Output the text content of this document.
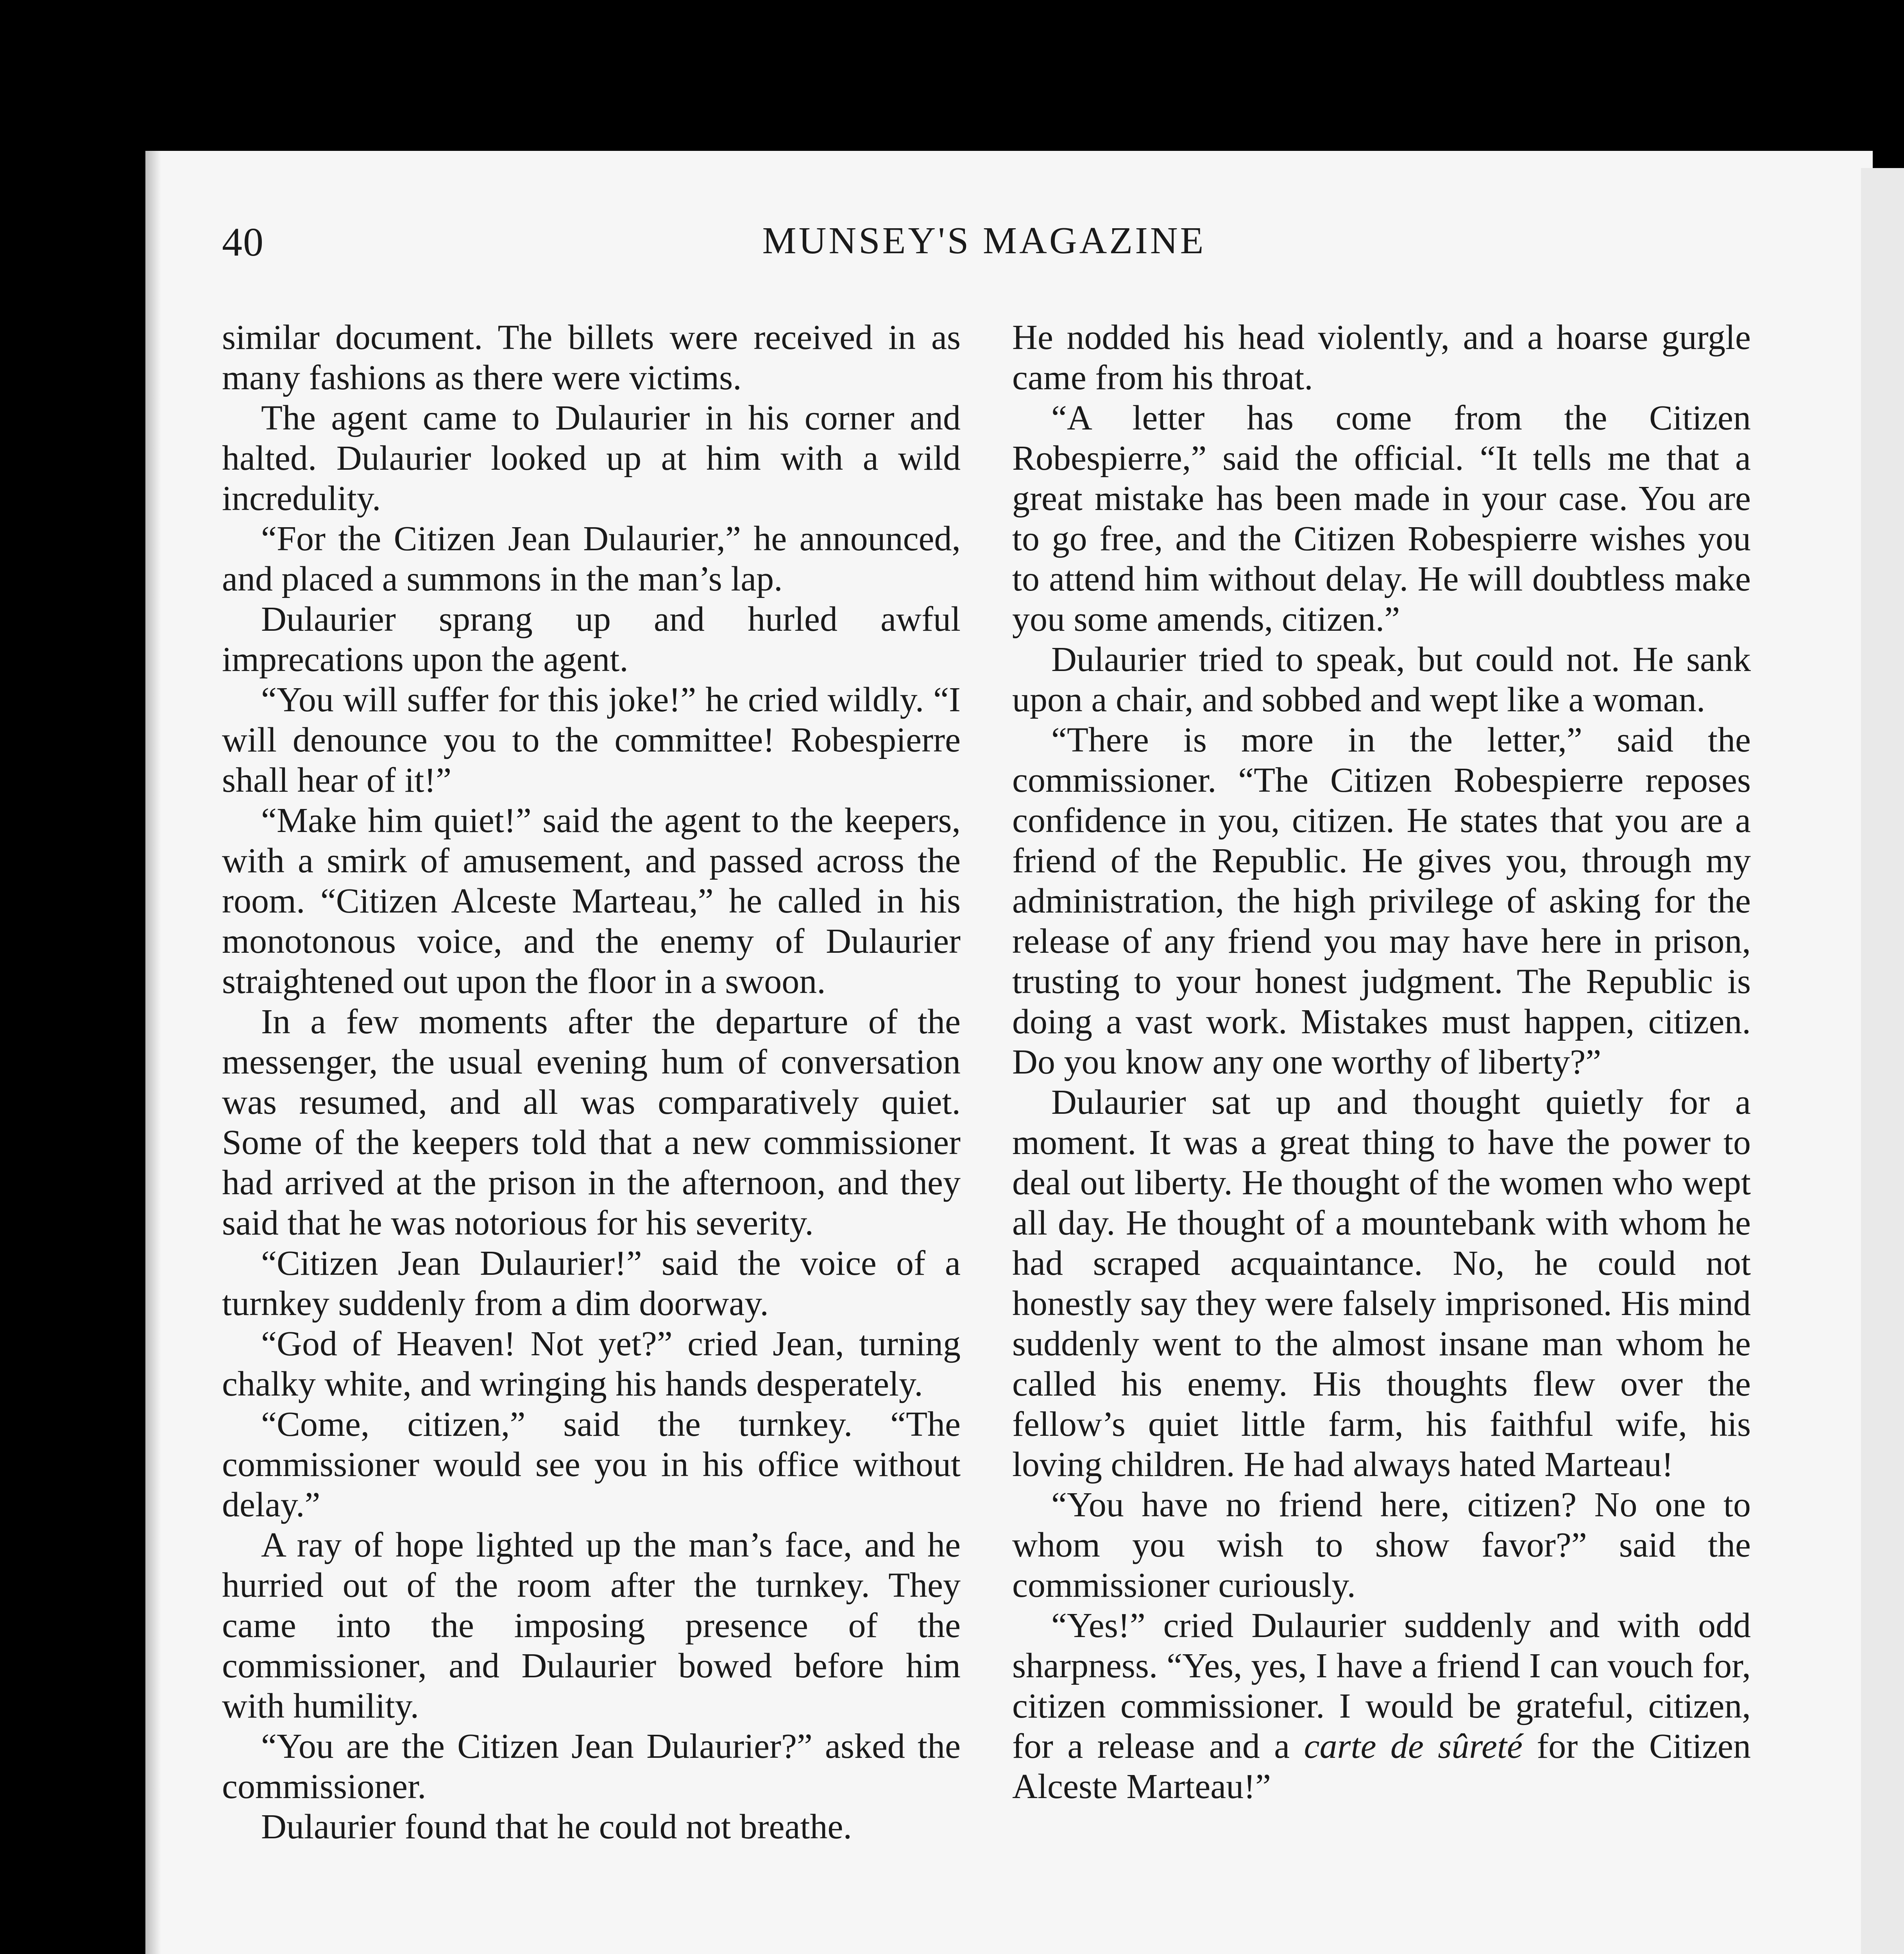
MUNSEY'S MAGAZINE
40

similar document. The billets were received in as many fashions as there were victims.

The agent came to Dulaurier in his corner and halted. Dulaurier looked up at him with a wild incredulity.

“For the Citizen Jean Dulaurier,” he announced, and placed a summons in the man’s lap.

Dulaurier sprang up and hurled awful imprecations upon the agent.

“You will suffer for this joke!” he cried wildly. “I will denounce you to the committee! Robespierre shall hear of it!”

“Make him quiet!” said the agent to the keepers, with a smirk of amusement, and passed across the room. “Citizen Alceste Marteau,” he called in his monotonous voice, and the enemy of Dulaurier straightened out upon the floor in a swoon.

In a few moments after the departure of the messenger, the usual evening hum of conversation was resumed, and all was comparatively quiet. Some of the keepers told that a new commissioner had arrived at the prison in the afternoon, and they said that he was notorious for his severity.

“Citizen Jean Dulaurier!” said the voice of a turnkey suddenly from a dim doorway.

“God of Heaven! Not yet?” cried Jean, turning chalky white, and wringing his hands desperately.

“Come, citizen,” said the turnkey. “The commissioner would see you in his office without delay.”

A ray of hope lighted up the man’s face, and he hurried out of the room after the turnkey. They came into the imposing presence of the commissioner, and Dulaurier bowed before him with humility.

“You are the Citizen Jean Dulaurier?” asked the commissioner.

Dulaurier found that he could not breathe.

He nodded his head violently, and a hoarse gurgle came from his throat.

“A letter has come from the Citizen Robespierre,” said the official. “It tells me that a great mistake has been made in your case. You are to go free, and the Citizen Robespierre wishes you to attend him without delay. He will doubtless make you some amends, citizen.”

Dulaurier tried to speak, but could not. He sank upon a chair, and sobbed and wept like a woman.

“There is more in the letter,” said the commissioner. “The Citizen Robespierre reposes confidence in you, citizen. He states that you are a friend of the Republic. He gives you, through my administration, the high privilege of asking for the release of any friend you may have here in prison, trusting to your honest judgment. The Republic is doing a vast work. Mistakes must happen, citizen. Do you know any one worthy of liberty?”

Dulaurier sat up and thought quietly for a moment. It was a great thing to have the power to deal out liberty. He thought of the women who wept all day. He thought of a mountebank with whom he had scraped acquaintance. No, he could not honestly say they were falsely imprisoned. His mind suddenly went to the almost insane man whom he called his enemy. His thoughts flew over the fellow’s quiet little farm, his faithful wife, his loving children. He had always hated Marteau!

“You have no friend here, citizen? No one to whom you wish to show favor?” said the commissioner curiously.

“Yes!” cried Dulaurier suddenly and with odd sharpness. “Yes, yes, I have a friend I can vouch for, citizen commissioner. I would be grateful, citizen, for a release and a carte de sûreté for the Citizen Alceste Marteau!”
